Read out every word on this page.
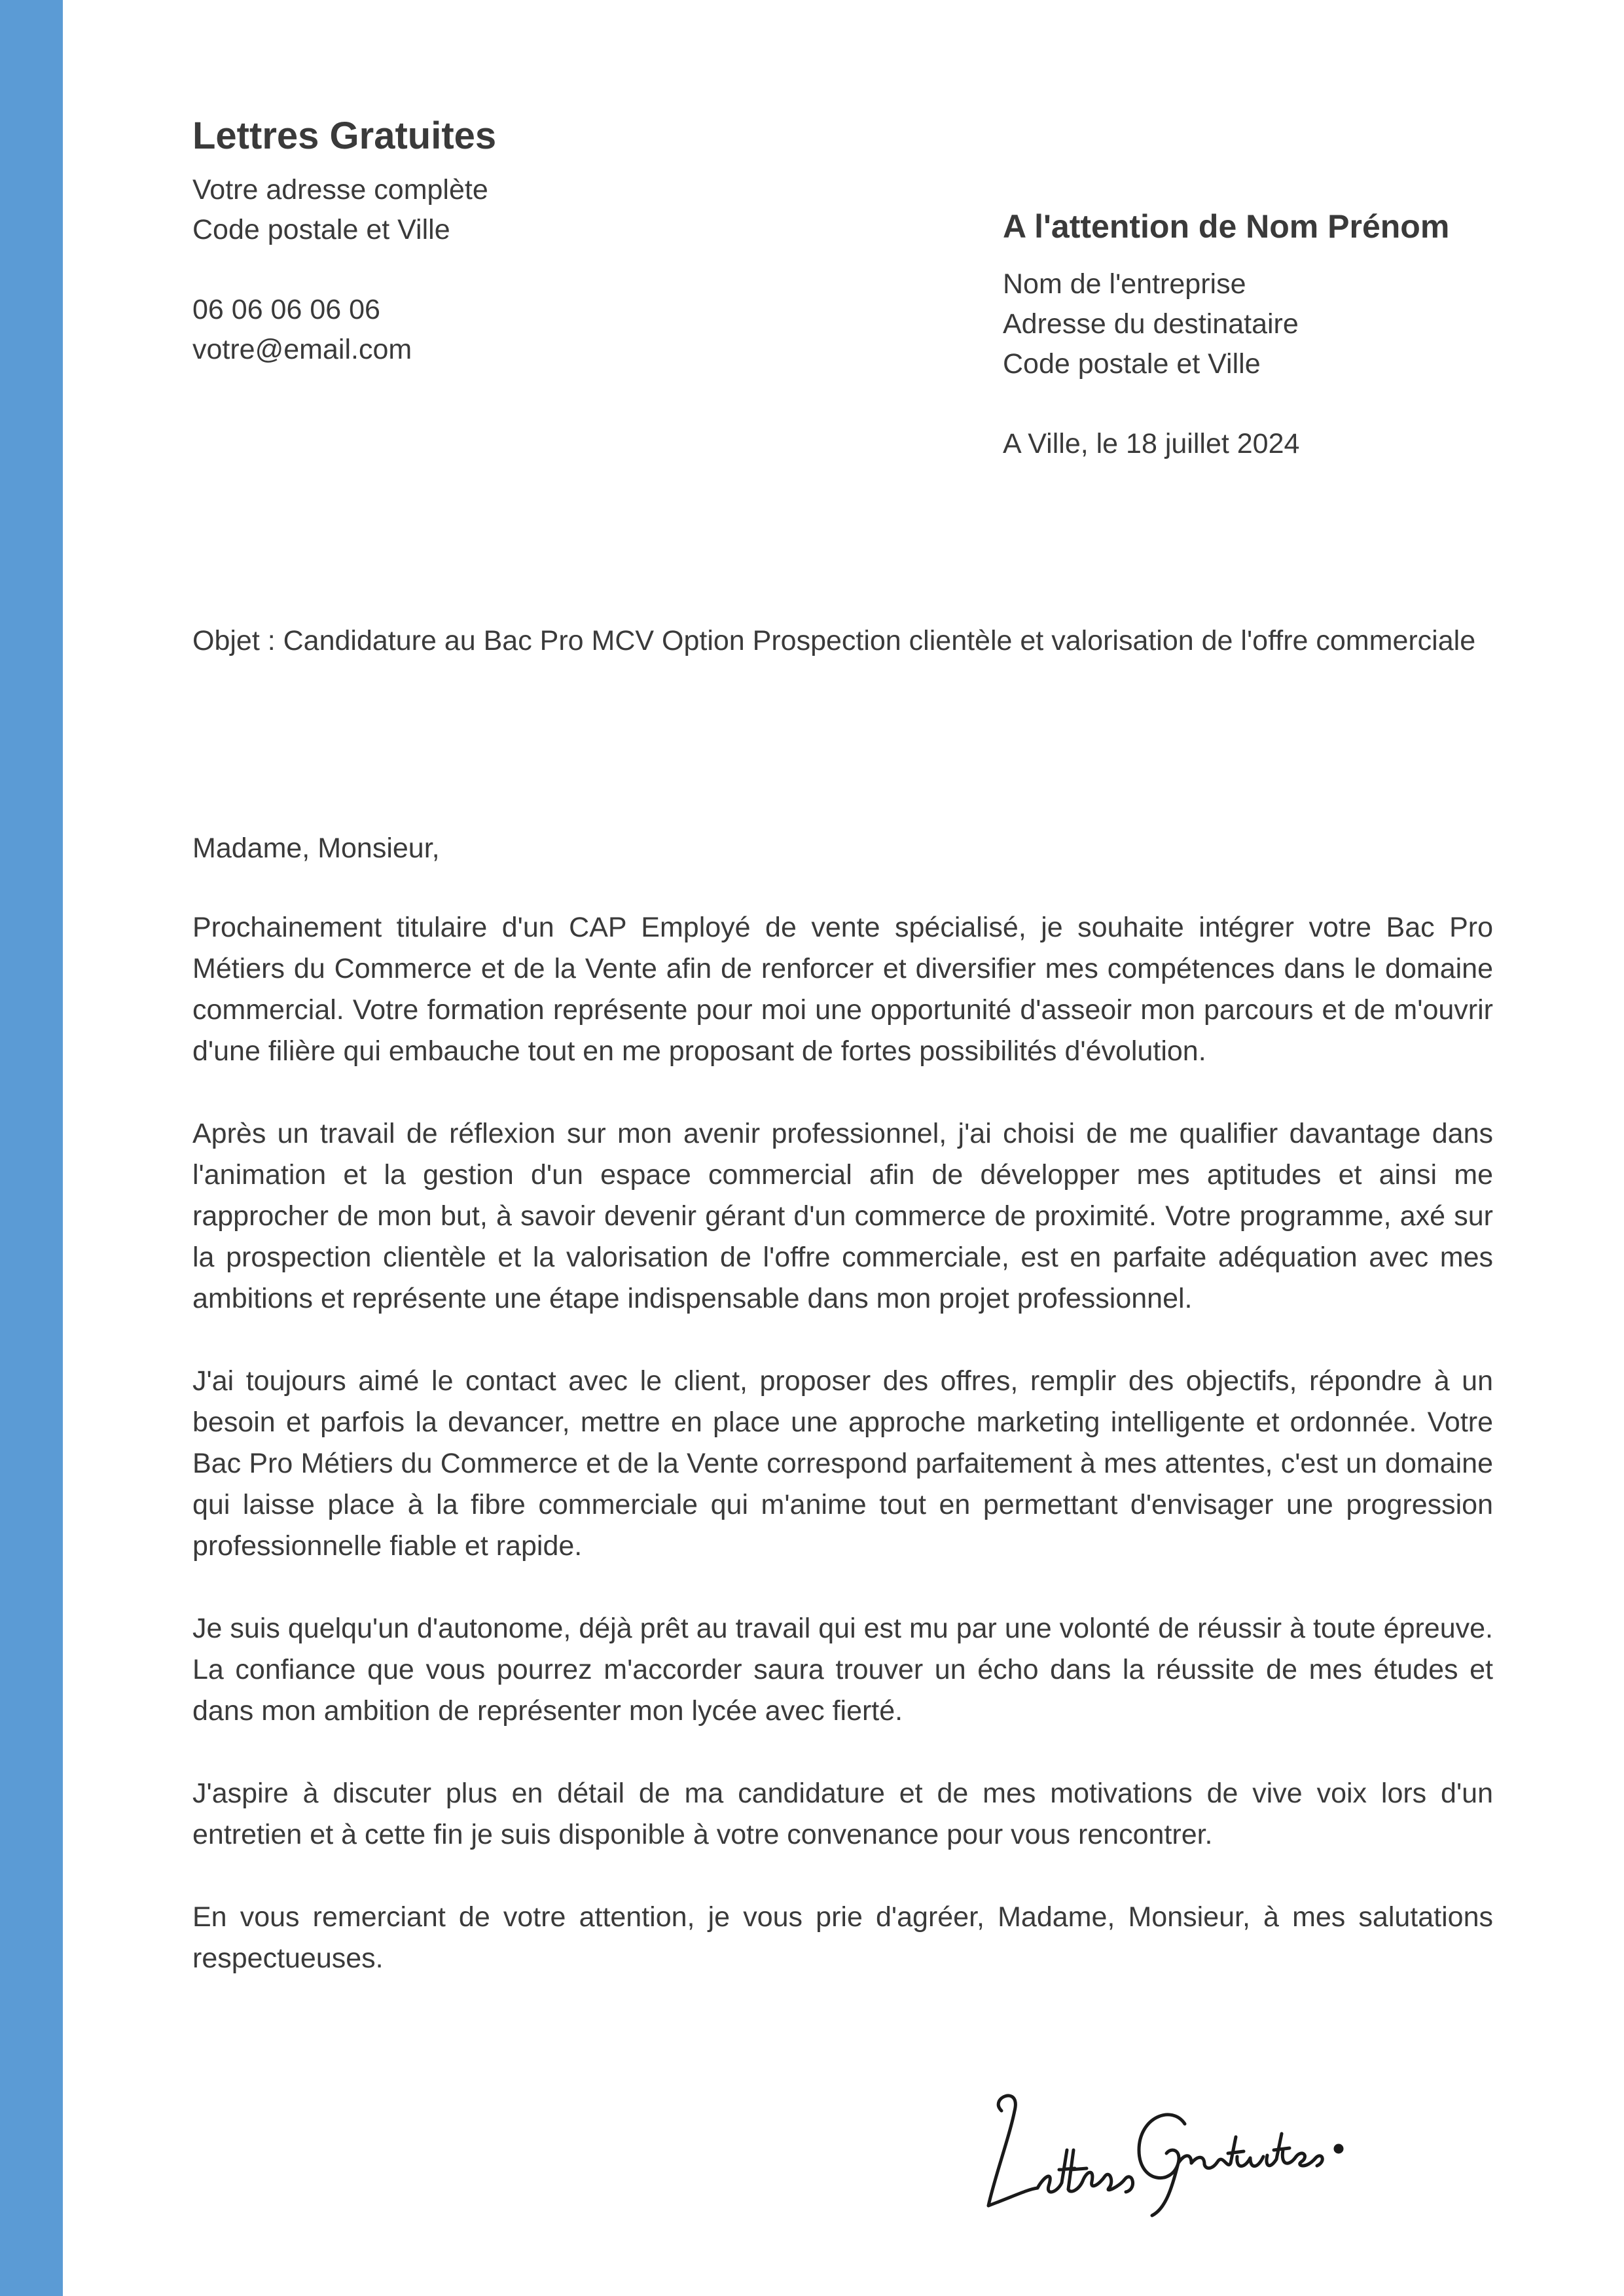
Lettres Gratuites
Votre adresse complète
Code postale et Ville
06 06 06 06 06
votre@email.com
A l'attention de Nom Prénom
Nom de l'entreprise
Adresse du destinataire
Code postale et Ville
A Ville, le 18 juillet 2024
Objet : Candidature au Bac Pro MCV Option Prospection clientèle et valorisation de l'offre commerciale
Madame, Monsieur,

Prochainement titulaire d'un CAP Employé de vente spécialisé, je souhaite intégrer votre Bac Pro Métiers du Commerce et de la Vente afin de renforcer et diversifier mes compétences dans le domaine commercial. Votre formation représente pour moi une opportunité d'asseoir mon parcours et de m'ouvrir d'une filière qui embauche tout en me proposant de fortes possibilités d'évolution.

Après un travail de réflexion sur mon avenir professionnel, j'ai choisi de me qualifier davantage dans l'animation et la gestion d'un espace commercial afin de développer mes aptitudes et ainsi me rapprocher de mon but, à savoir devenir gérant d'un commerce de proximité. Votre programme, axé sur la prospection clientèle et la valorisation de l'offre commerciale, est en parfaite adéquation avec mes ambitions et représente une étape indispensable dans mon projet professionnel.

J'ai toujours aimé le contact avec le client, proposer des offres, remplir des objectifs, répondre à un besoin et parfois la devancer, mettre en place une approche marketing intelligente et ordonnée. Votre Bac Pro Métiers du Commerce et de la Vente correspond parfaitement à mes attentes, c'est un domaine qui laisse place à la fibre commerciale qui m'anime tout en permettant d'envisager une progression professionnelle fiable et rapide.

Je suis quelqu'un d'autonome, déjà prêt au travail qui est mu par une volonté de réussir à toute épreuve. La confiance que vous pourrez m'accorder saura trouver un écho dans la réussite de mes études et dans mon ambition de représenter mon lycée avec fierté.

J'aspire à discuter plus en détail de ma candidature et de mes motivations de vive voix lors d'un entretien et à cette fin je suis disponible à votre convenance pour vous rencontrer.

En vous remerciant de votre attention, je vous prie d'agréer, Madame, Monsieur, à mes salutations respectueuses.
